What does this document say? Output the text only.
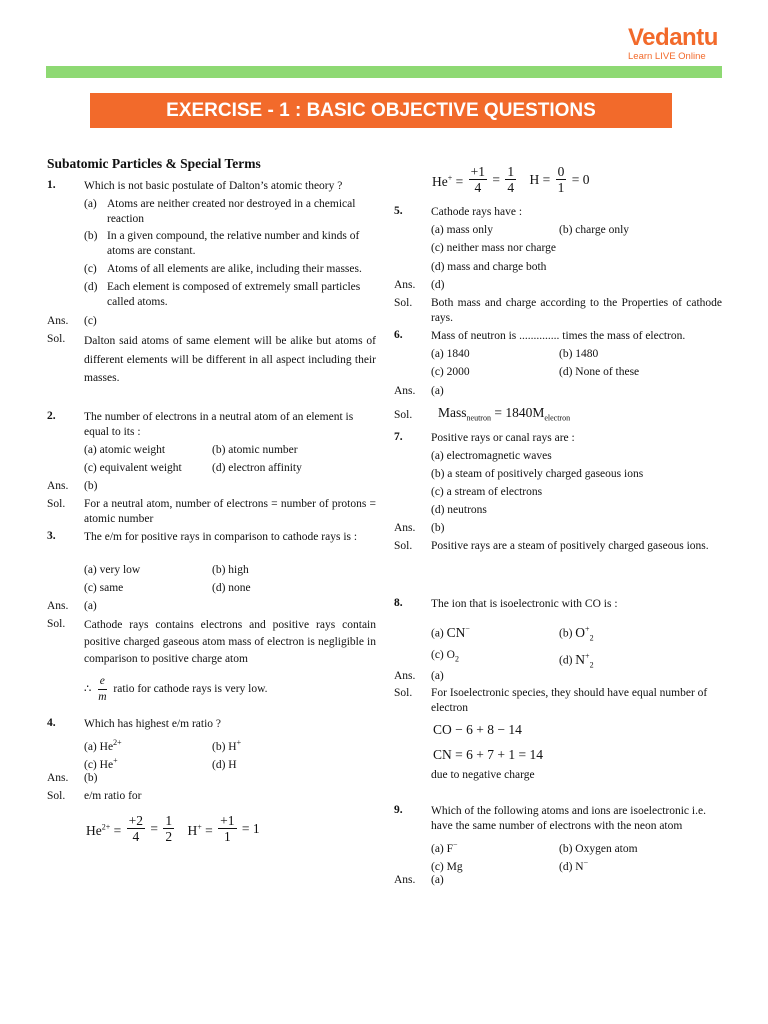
Vedantu
Learn LIVE Online
EXERCISE - 1 : BASIC OBJECTIVE QUESTIONS
Subatomic Particles & Special Terms
1. Which is not basic postulate of Dalton’s atomic theory ?
(a) Atoms are neither created nor destroyed in a chemical reaction
(b) In a given compound, the relative number and kinds of atoms are constant.
(c) Atoms of all elements are alike, including their masses.
(d) Each element is composed of extremely small particles called atoms.
Ans. (c)
Sol. Dalton said atoms of same element will be alike but atoms of different elements will be different in all aspect including their masses.
2. The number of electrons in a neutral atom of an element is equal to its :
(a) atomic weight	(b) atomic number
(c) equivalent weight	(d) electron affinity
Ans. (b)
Sol. For a neutral atom, number of electrons = number of protons = atomic number
3. The e/m for positive rays in comparison to cathode rays is :
(a) very low	(b) high
(c) same	(d) none
Ans. (a)
Sol. Cathode rays contains electrons and positive rays contain positive charged gaseous atom mass of electron is negligible in comparison to positive charge atom
∴ $\frac{e}{m}$ ratio for cathode rays is very low.
4. Which has highest e/m ratio ?
(a) $He^{2+}$	(b) H+
(c) He+	(d) H
Ans. (b)
Sol. e/m ratio for
$He^{2+} = \frac{+2}{4} = \frac{1}{2} H^+ = \frac{+1}{1} = 1$
$He^+ = \frac{+1}{4} = \frac{1}{4}$ $H = \frac{0}{1} = 0$
5. Cathode rays have :
(a) mass only	(b) charge only
(c) neither mass nor charge
(d) mass and charge both
Ans. (d)
Sol. Both mass and charge according to the Properties of cathode rays.
6. Mass of neutron is .............. times the mass of electron.
(a) 1840	(b) 1480
(c) 2000	(d) None of these
Ans. (a)
Sol. Mass$_{neutron}$ = $1840M_{electron}$
7. Positive rays or canal rays are :
(a) electromagnetic waves
(b) a steam of positively charged gaseous ions
(c) a stream of electrons
(d) neutrons
Ans. (b)
Sol. Positive rays are a steam of positively charged gaseous ions.
8. The ion that is isoelectronic with CO is :
(a) CN−	(b) $O^+_2$
(c) $O_2$	(d) $N^+_2$
Ans. (a)
Sol. For Isoelectronic species, they should have equal number of electron
CO − 6 + 8 − 14
CN = 6 + 7 + 1 = 14
due to negative charge
9. Which of the following atoms and ions are isoelectronic i.e. have the same number of electrons with the neon atom
(a) F−	(b) Oxygen atom
(c) Mg	(d) N−
Ans. (a)
